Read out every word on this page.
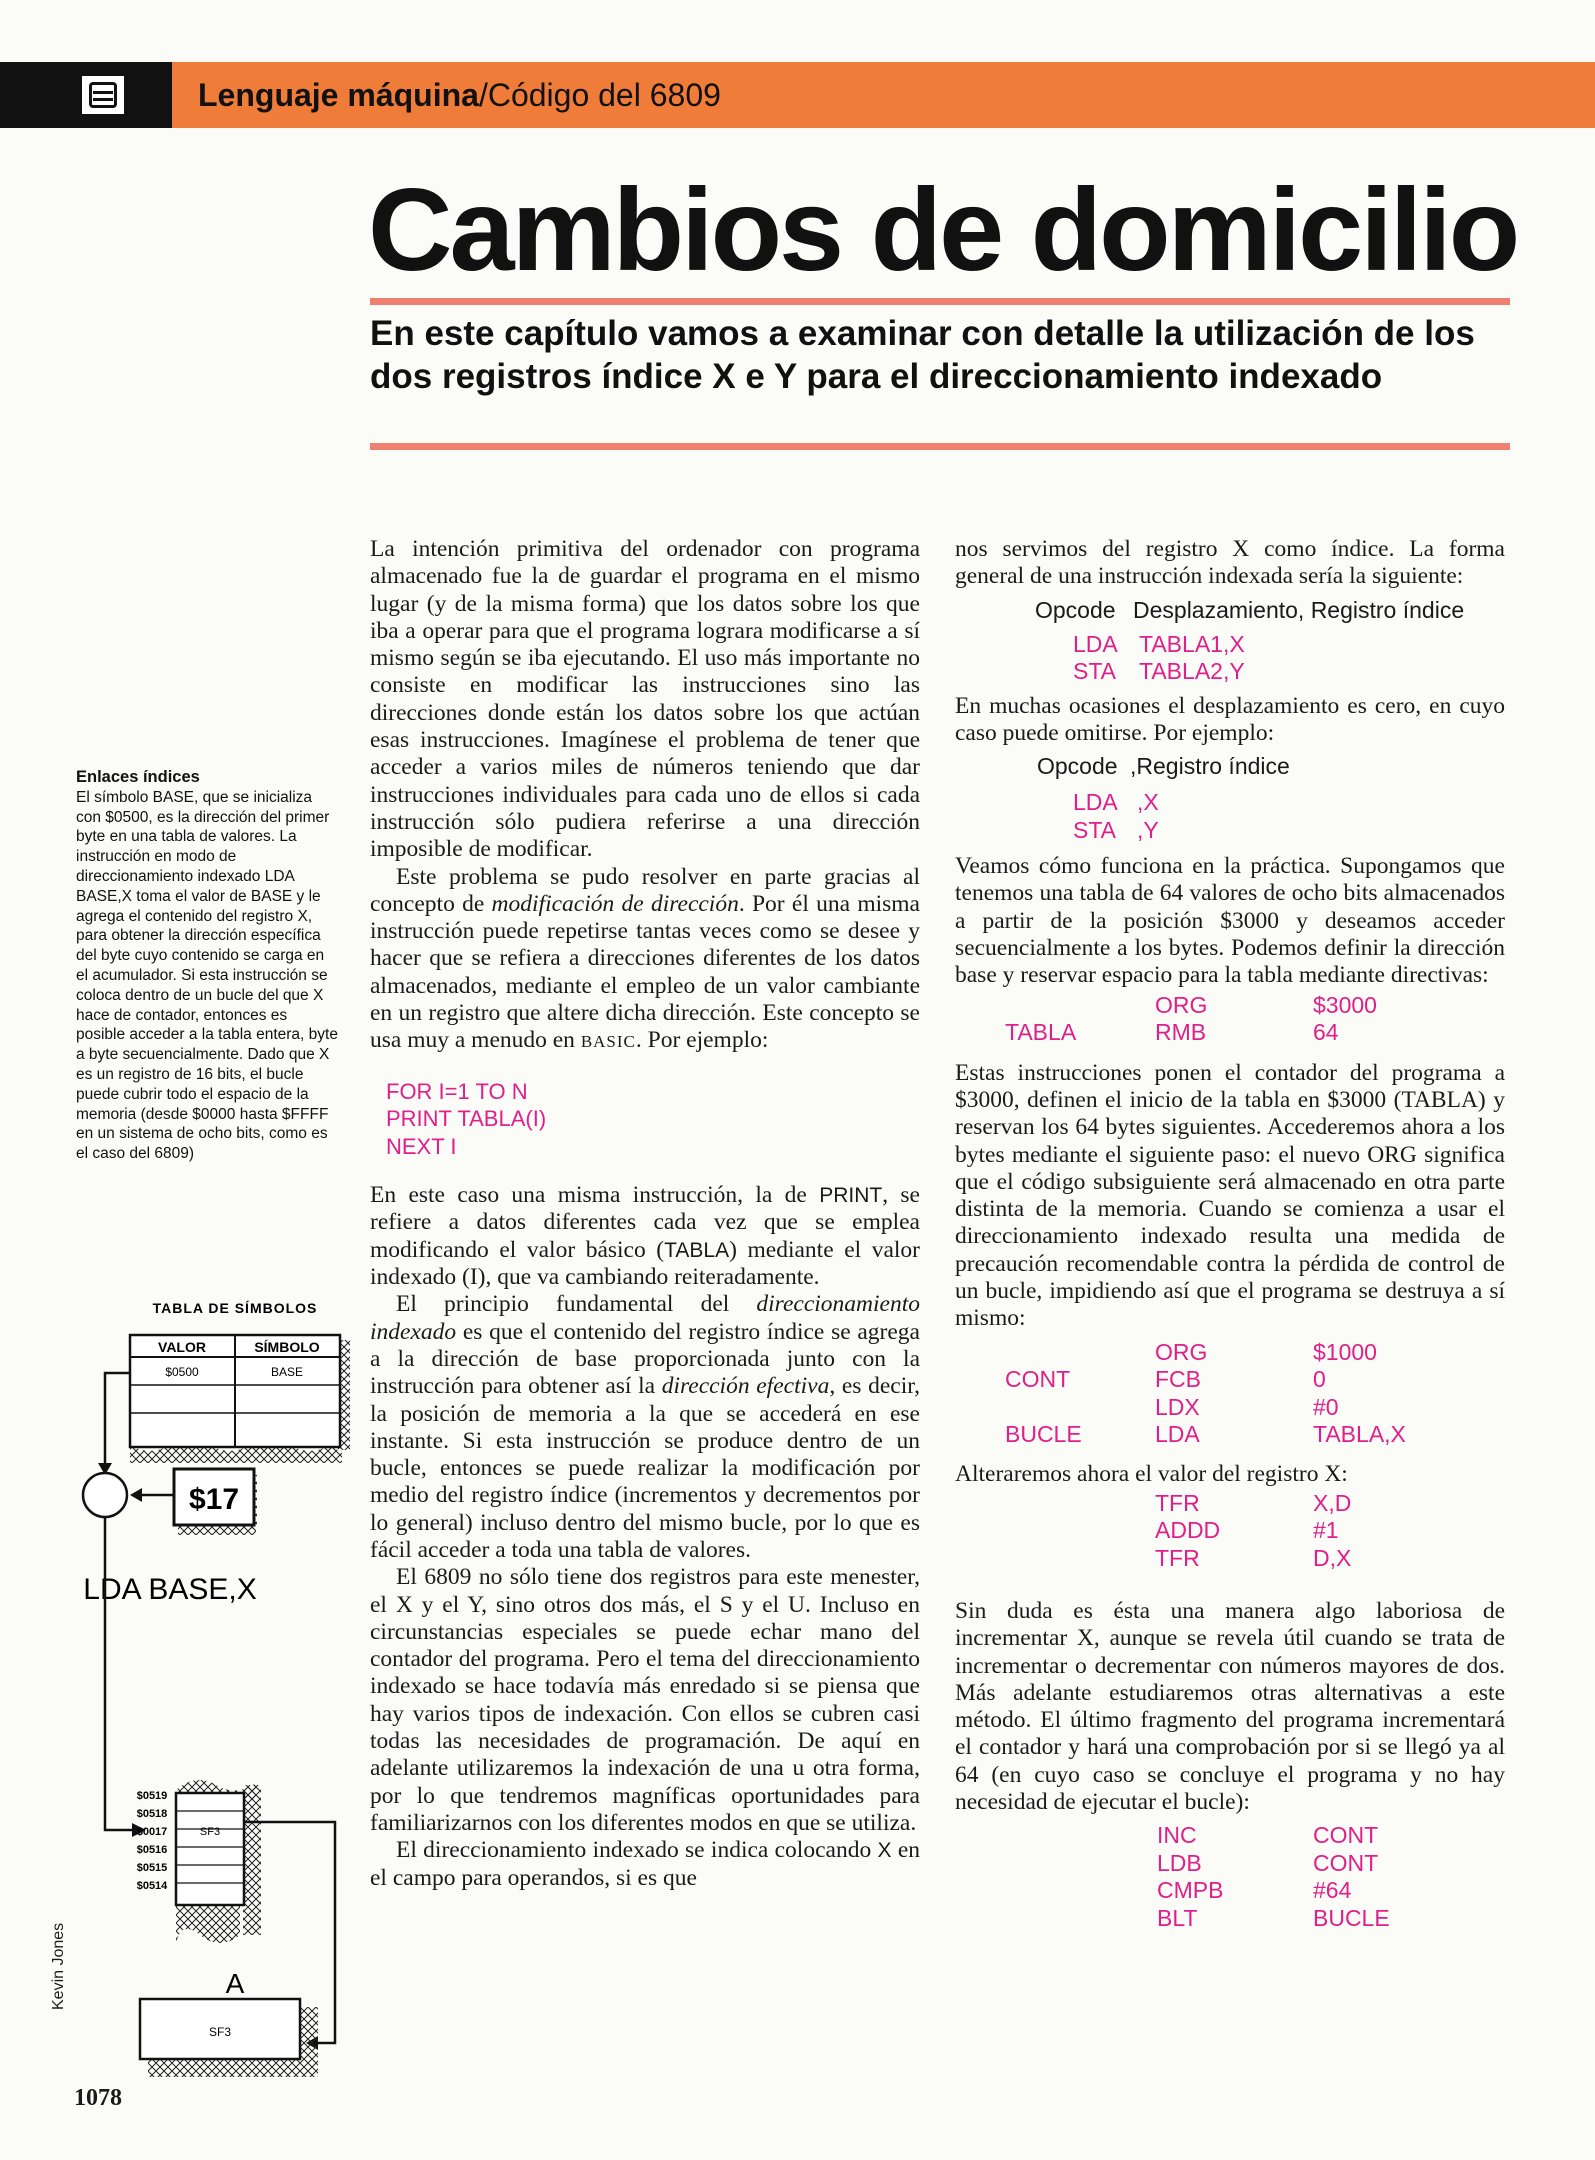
Lenguaje máquina/Código del 6809
Cambios de domicilio

En este capítulo vamos a examinar con detalle la utilización de los dos registros índice X e Y para el direccionamiento indexado

Enlaces índices
El símbolo BASE, que se inicializa con $0500, es la dirección del primer byte en una tabla de valores. La instrucción en modo de direccionamiento indexado LDA BASE,X toma el valor de BASE y le agrega el contenido del registro X, para obtener la dirección específica del byte cuyo contenido se carga en el acumulador. Si esta instrucción se coloca dentro de un bucle del que X hace de contador, entonces es posible acceder a la tabla entera, byte a byte secuencialmente. Dado que X es un registro de 16 bits, el bucle puede cubrir todo el espacio de la memoria (desde $0000 hasta $FFFF en un sistema de ocho bits, como es el caso del 6809)
TABLA DE SÍMBOLOS
VALOR	SÍMBOLO
$0500	BASE
$17
LDA BASE,X
$0519
$0518
$0017
$0516
$0515
$0514
SF3
A
SF3

La intención primitiva del ordenador con programa almacenado fue la de guardar el programa en el mismo lugar (y de la misma forma) que los datos sobre los que iba a operar para que el programa lograra modificarse a sí mismo según se iba ejecutando. El uso más importante no consiste en modificar las instrucciones sino las direcciones donde están los datos sobre los que actúan esas instrucciones. Imagínese el problema de tener que acceder a varios miles de números teniendo que dar instrucciones individuales para cada uno de ellos si cada instrucción sólo pudiera referirse a una dirección imposible de modificar.

Este problema se pudo resolver en parte gracias al concepto de modificación de dirección. Por él una misma instrucción puede repetirse tantas veces como se desee y hacer que se refiera a direcciones diferentes de los datos almacenados, mediante el empleo de un valor cambiante en un registro que altere dicha dirección. Este concepto se usa muy a menudo en BASIC. Por ejemplo:

FOR I=1 TO N
PRINT TABLA(I)
NEXT I

En este caso una misma instrucción, la de PRINT, se refiere a datos diferentes cada vez que se emplea modificando el valor básico (TABLA) mediante el valor indexado (I), que va cambiando reiteradamente.

El principio fundamental del direccionamiento indexado es que el contenido del registro índice se agrega a la dirección de base proporcionada junto con la instrucción para obtener así la dirección efectiva, es decir, la posición de memoria a la que se accederá en ese instante. Si esta instrucción se produce dentro de un bucle, entonces se puede realizar la modificación por medio del registro índice (incrementos y decrementos por lo general) incluso dentro del mismo bucle, por lo que es fácil acceder a toda una tabla de valores.

El 6809 no sólo tiene dos registros para este menester, el X y el Y, sino otros dos más, el S y el U. Incluso en circunstancias especiales se puede echar mano del contador del programa. Pero el tema del direccionamiento indexado se hace todavía más enredado si se piensa que hay varios tipos de indexación. Con ellos se cubren casi todas las necesidades de programación. De aquí en adelante utilizaremos la indexación de una u otra forma, por lo que tendremos magníficas oportunidades para familiarizarnos con los diferentes modos en que se utiliza.

El direccionamiento indexado se indica colocando X en el campo para operandos, si es que

nos servimos del registro X como índice. La forma general de una instrucción indexada sería la siguiente:

Opcode Desplazamiento, Registro índice
LDA
STA
TABLA1,X
TABLA2,Y

En muchas ocasiones el desplazamiento es cero, en cuyo caso puede omitirse. Por ejemplo:

Opcode ,Registro índice
LDA
STA
,X
,Y

Veamos cómo funciona en la práctica. Supongamos que tenemos una tabla de 64 valores de ocho bits almacenados a partir de la posición $3000 y deseamos acceder secuencialmente a los bytes. Podemos definir la dirección base y reservar espacio para la tabla mediante directivas:

TABLA
ORG
RMB
$3000
64

Estas instrucciones ponen el contador del programa a $3000, definen el inicio de la tabla en $3000 (TABLA) y reservan los 64 bytes siguientes. Accederemos ahora a los bytes mediante el siguiente paso: el nuevo ORG significa que el código subsiguiente será almacenado en otra parte distinta de la memoria. Cuando se comienza a usar el direccionamiento indexado resulta una medida de precaución recomendable contra la pérdida de control de un bucle, impidiendo así que el programa se destruya a sí mismo:

CONT

BUCLE
ORG
FCB
LDX
LDA
$1000
0
#0
TABLA,X

Alteraremos ahora el valor del registro X:

TFR
ADDD
TFR
X,D
#1
D,X

Sin duda es ésta una manera algo laboriosa de incrementar X, aunque se revela útil cuando se trata de incrementar o decrementar con números mayores de dos. Más adelante estudiaremos otras alternativas a este método. El último fragmento del programa incrementará el contador y hará una comprobación por si se llegó ya al 64 (en cuyo caso se concluye el programa y no hay necesidad de ejecutar el bucle):

INC
LDB
CMPB
BLT
CONT
CONT
#64
BUCLE
Kevin Jones
1078
